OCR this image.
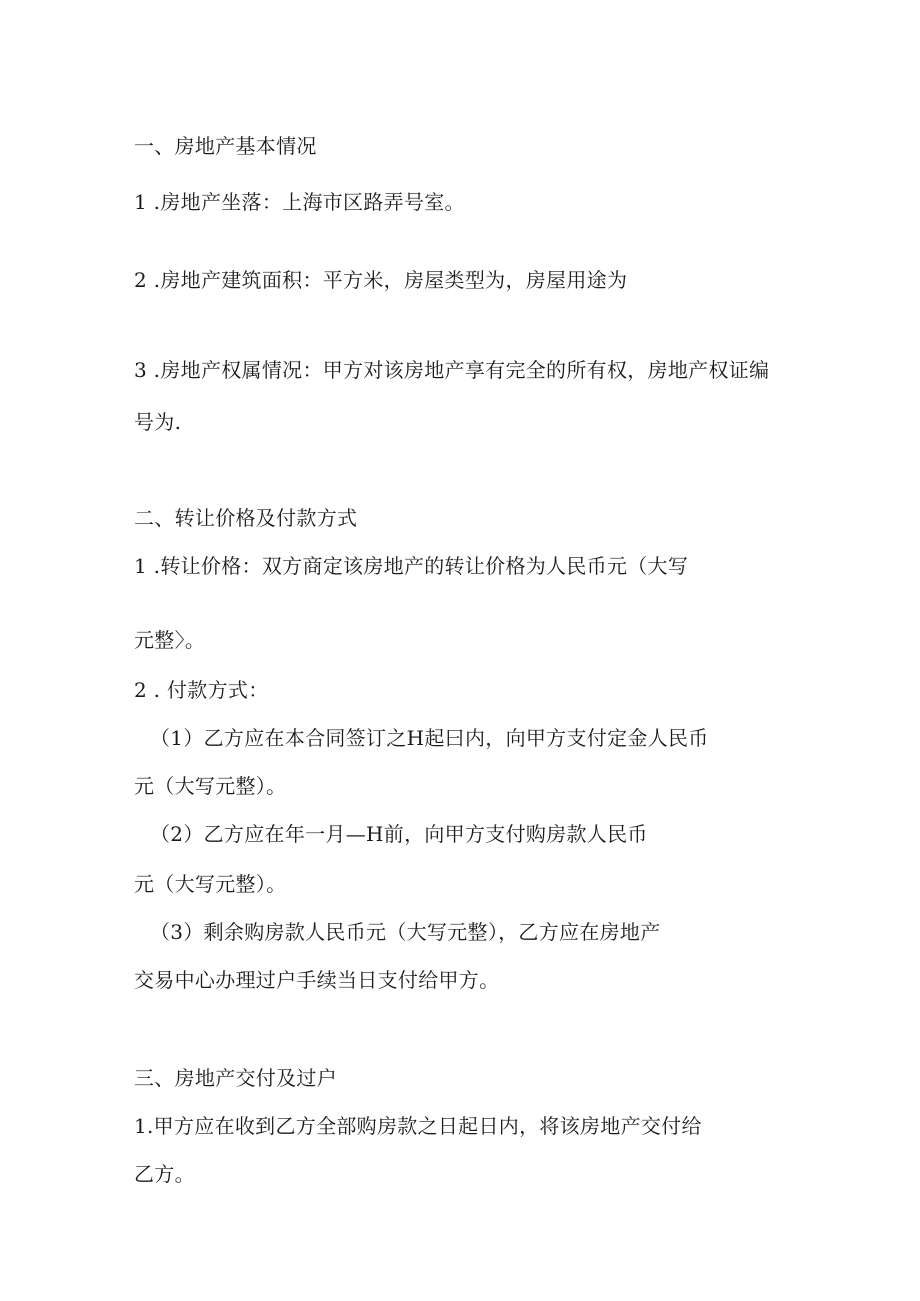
一、房地产基本情况
1 .房地产坐落：上海市区路弄号室。
2 .房地产建筑面积：平方米，房屋类型为，房屋用途为
3 .房地产权属情况：甲方对该房地产享有完全的所有权，房地产权证编
号为.
二、转让价格及付款方式
1 .转让价格：双方商定该房地产的转让价格为人民币元（大写
元整〉。
2 . 付款方式：
（1）乙方应在本合同签订之H起曰内，向甲方支付定金人民币
元（大写元整）。
（2）乙方应在年一月—H前，向甲方支付购房款人民币
元（大写元整）。
（3）剩余购房款人民币元（大写元整），乙方应在房地产
交易中心办理过户手续当日支付给甲方。
三、房地产交付及过户
1.甲方应在收到乙方全部购房款之日起日内，将该房地产交付给
乙方。
